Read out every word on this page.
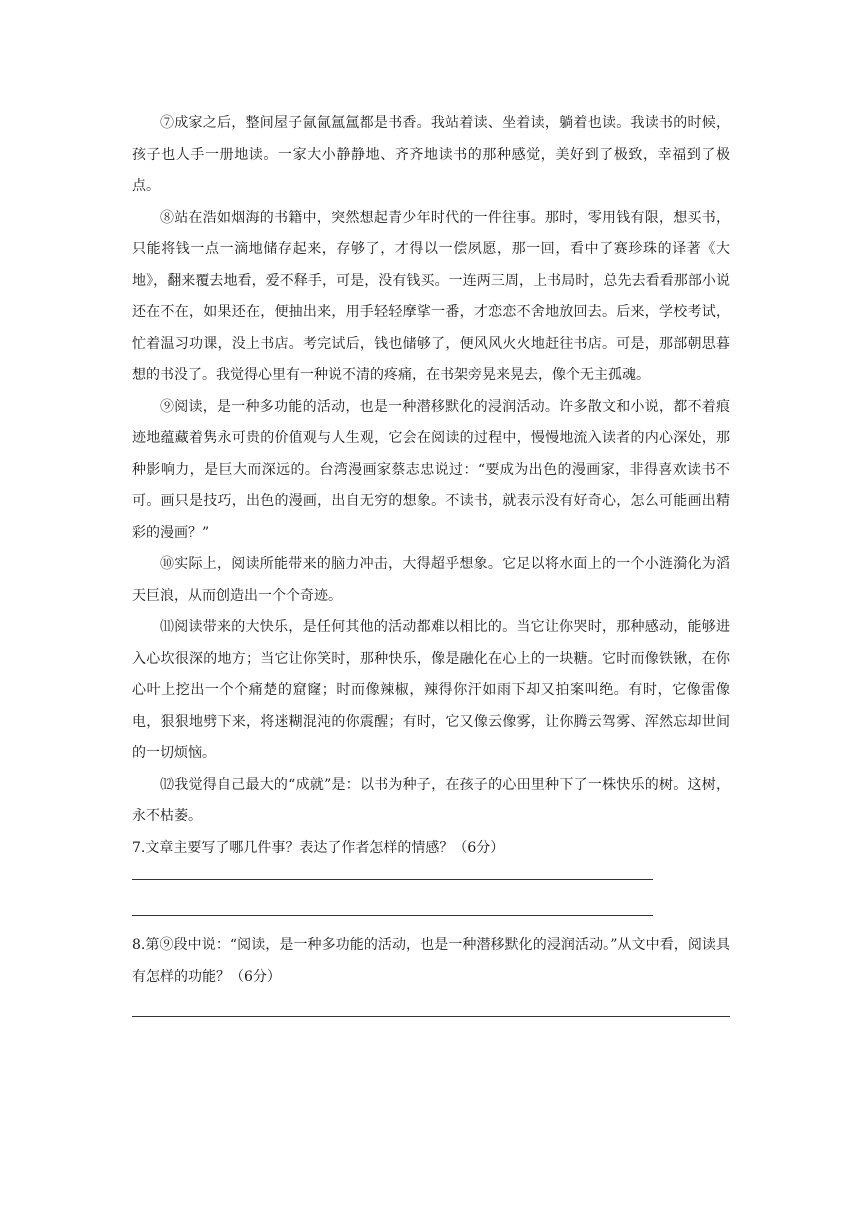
⑦成家之后，整间屋子氤氤氲氲都是书香。我站着读、坐着读，躺着也读。我读书的时候，孩子也人手一册地读。一家大小静静地、齐齐地读书的那种感觉，美好到了极致，幸福到了极点。

⑧站在浩如烟海的书籍中，突然想起青少年时代的一件往事。那时，零用钱有限，想买书，只能将钱一点一滴地储存起来，存够了，才得以一偿夙愿，那一回，看中了赛珍珠的译著《大地》，翻来覆去地看，爱不释手，可是，没有钱买。一连两三周，上书局时，总先去看看那部小说还在不在，如果还在，便抽出来，用手轻轻摩挲一番，才恋恋不舍地放回去。后来，学校考试，忙着温习功课，没上书店。考完试后，钱也储够了，便风风火火地赶往书店。可是，那部朝思暮想的书没了。我觉得心里有一种说不清的疼痛，在书架旁晃来晃去，像个无主孤魂。

⑨阅读，是一种多功能的活动，也是一种潜移默化的浸润活动。许多散文和小说，都不着痕迹地蕴藏着隽永可贵的价值观与人生观，它会在阅读的过程中，慢慢地流入读者的内心深处，那种影响力，是巨大而深远的。台湾漫画家蔡志忠说过：“要成为出色的漫画家，非得喜欢读书不可。画只是技巧，出色的漫画，出自无穷的想象。不读书，就表示没有好奇心，怎么可能画出精彩的漫画？”

⑩实际上，阅读所能带来的脑力冲击，大得超乎想象。它足以将水面上的一个小涟漪化为滔天巨浪，从而创造出一个个奇迹。

⑾阅读带来的大快乐，是任何其他的活动都难以相比的。当它让你哭时，那种感动，能够进入心坎很深的地方；当它让你笑时，那种快乐，像是融化在心上的一块糖。它时而像铁锹，在你心叶上挖出一个个痛楚的窟窿；时而像辣椒，辣得你汗如雨下却又拍案叫绝。有时，它像雷像电，狠狠地劈下来，将迷糊混沌的你震醒；有时，它又像云像雾，让你腾云驾雾、浑然忘却世间的一切烦恼。

⑿我觉得自己最大的“成就”是：以书为种子，在孩子的心田里种下了一株快乐的树。这树，永不枯萎。

7.文章主要写了哪几件事？表达了作者怎样的情感？（6分）

8.第⑨段中说：“阅读，是一种多功能的活动，也是一种潜移默化的浸润活动。”从文中看，阅读具有怎样的功能？（6分）
